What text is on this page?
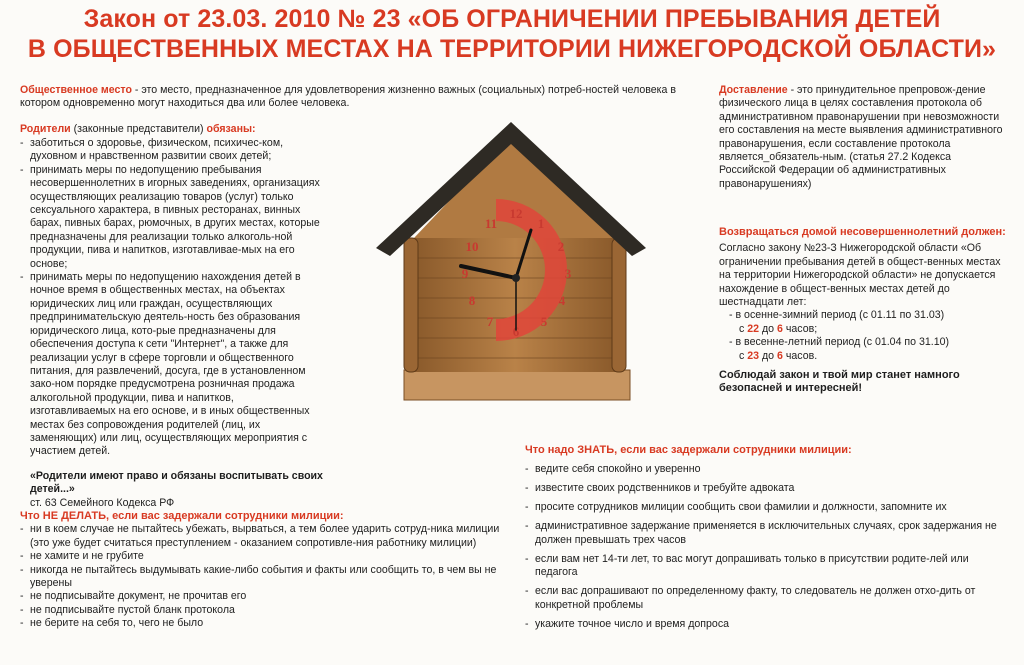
Закон от 23.03. 2010 № 23 «ОБ ОГРАНИЧЕНИИ ПРЕБЫВАНИЯ ДЕТЕЙ
В ОБЩЕСТВЕННЫХ МЕСТАХ НА ТЕРРИТОРИИ НИЖЕГОРОДСКОЙ ОБЛАСТИ»
Общественное место - это место, предназначенное для удовлетворения жизненно важных (социальных) потреб-ностей человека в котором одновременно могут находиться два или более человека.
Родители (законные представители) обязаны:
- заботиться о здоровье, физическом, психичес-ком, духовном и нравственном развитии своих детей;
- принимать меры по недопущению пребывания несовершеннолетних в игорных заведениях, организациях осуществляющих реализацию товаров (услуг) только сексуального характера, в пивных ресторанах, винных барах, пивных барах, рюмочных, в других местах, которые предназначены для реализации только алкоголь-ной продукции, пива и напитков, изготавливае-мых на его основе;
- принимать меры по недопущению нахождения детей в ночное время в общественных местах, на объектах юридических лиц или граждан, осуществляющих предпринимательскую деятель-ность без образования юридического лица, кото-рые предназначены для обеспечения доступа к сети "Интернет", а также для реализации услуг в сфере торговли и общественного питания, для развлечений, досуга, где в установленном зако-ном порядке предусмотрена розничная продажа алкогольной продукции, пива и напитков, изготавливаемых на его основе, и в иных общественных местах без сопровождения родителей (лиц, их заменяющих) или лиц, осуществляющих мероприятия с участием детей.
«Родители имеют право и обязаны воспитывать своих детей...»
ст. 63 Семейного Кодекса РФ
Что НЕ ДЕЛАТЬ, если вас задержали сотрудники милиции:
- ни в коем случае не пытайтесь убежать, вырваться, а тем более ударить сотруд-ника милиции (это уже будет считаться преступлением - оказанием сопротивле-ния работнику милиции)
- не хамите и не грубите
- никогда не пытайтесь выдумывать какие-либо события и факты или сообщить то, в чем вы не уверены
- не подписывайте документ, не прочитав его
- не подписывайте пустой бланк протокола
- не берите на себя то, чего не было
Доставление - это принудительное препровож-дение физического лица в целях составления протокола об административном правонарушении при невозможности его составления на месте выявления административного правонарушения, если составление протокола является_обязатель-ным. (статья 27.2 Кодекса Российской Федерации об административных правонарушениях)
Возвращаться домой несовершеннолетний должен:
Согласно закону №23-З Нижегородской области «Об ограничении пребывания детей в общест-венных местах на территории Нижегородской области» не допускается нахождение в общест-венных местах детей до шестнадцати лет:
- в осенне-зимний период (с 01.11 по 31.03)
с 22 до 6 часов;
- в весенне-летний период (с 01.04 по 31.10)
с 23 до 6 часов.
Соблюдай закон и твой мир станет намного безопасней и интересней!
Что надо ЗНАТЬ, если вас задержали сотрудники милиции:
- ведите себя спокойно и уверенно
- известите своих родственников и требуйте адвоката
- просите сотрудников милиции сообщить свои фамилии и должности, запомните их
- административное задержание применяется в исключительных случаях, срок задержания не должен превышать трех часов
- если вам нет 14-ти лет, то вас могут допрашивать только в присутствии родите-лей или педагога
- если вас допрашивают по определенному факту, то следователь не должен отхо-дить от конкретной проблемы
- укажите точное число и время допроса
12
1
2
3
4
5
6
7
8
9
10
11
